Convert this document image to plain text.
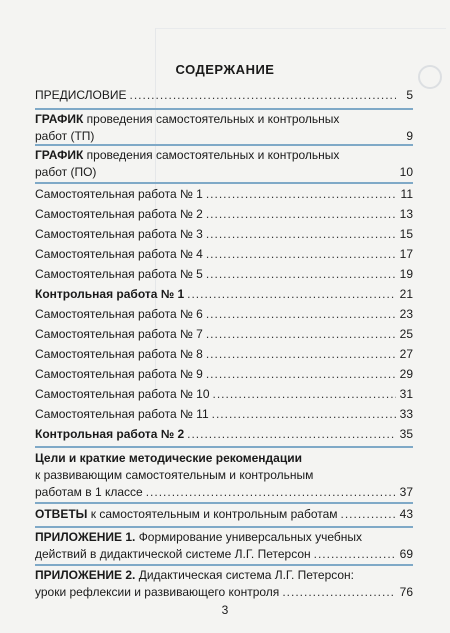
СОДЕРЖАНИЕ
ПРЕДИСЛОВИЕ .....	5
ГРАФИК проведения самостоятельных и контрольных
работ (ТП)	9
ГРАФИК проведения самостоятельных и контрольных
работ (ПО)	10
Самостоятельная работа № 1 .....	11
Самостоятельная работа № 2 .....	13
Самостоятельная работа № 3 .....	15
Самостоятельная работа № 4 .....	17
Самостоятельная работа № 5 .....	19
Контрольная работа № 1 .....	21
Самостоятельная работа № 6 .....	23
Самостоятельная работа № 7 .....	25
Самостоятельная работа № 8 .....	27
Самостоятельная работа № 9 .....	29
Самостоятельная работа № 10 .....	31
Самостоятельная работа № 11 .....	33
Контрольная работа № 2 .....	35
Цели и краткие методические рекомендации
к развивающим самостоятельным и контрольным
работам в 1 классе .....	37
ОТВЕТЫ к самостоятельным и контрольным работам .....	43
ПРИЛОЖЕНИЕ 1. Формирование универсальных учебных
действий в дидактической системе Л.Г. Петерсон .....	69
ПРИЛОЖЕНИЕ 2. Дидактическая система Л.Г. Петерсон:
уроки рефлексии и развивающего контроля .....	76
3
